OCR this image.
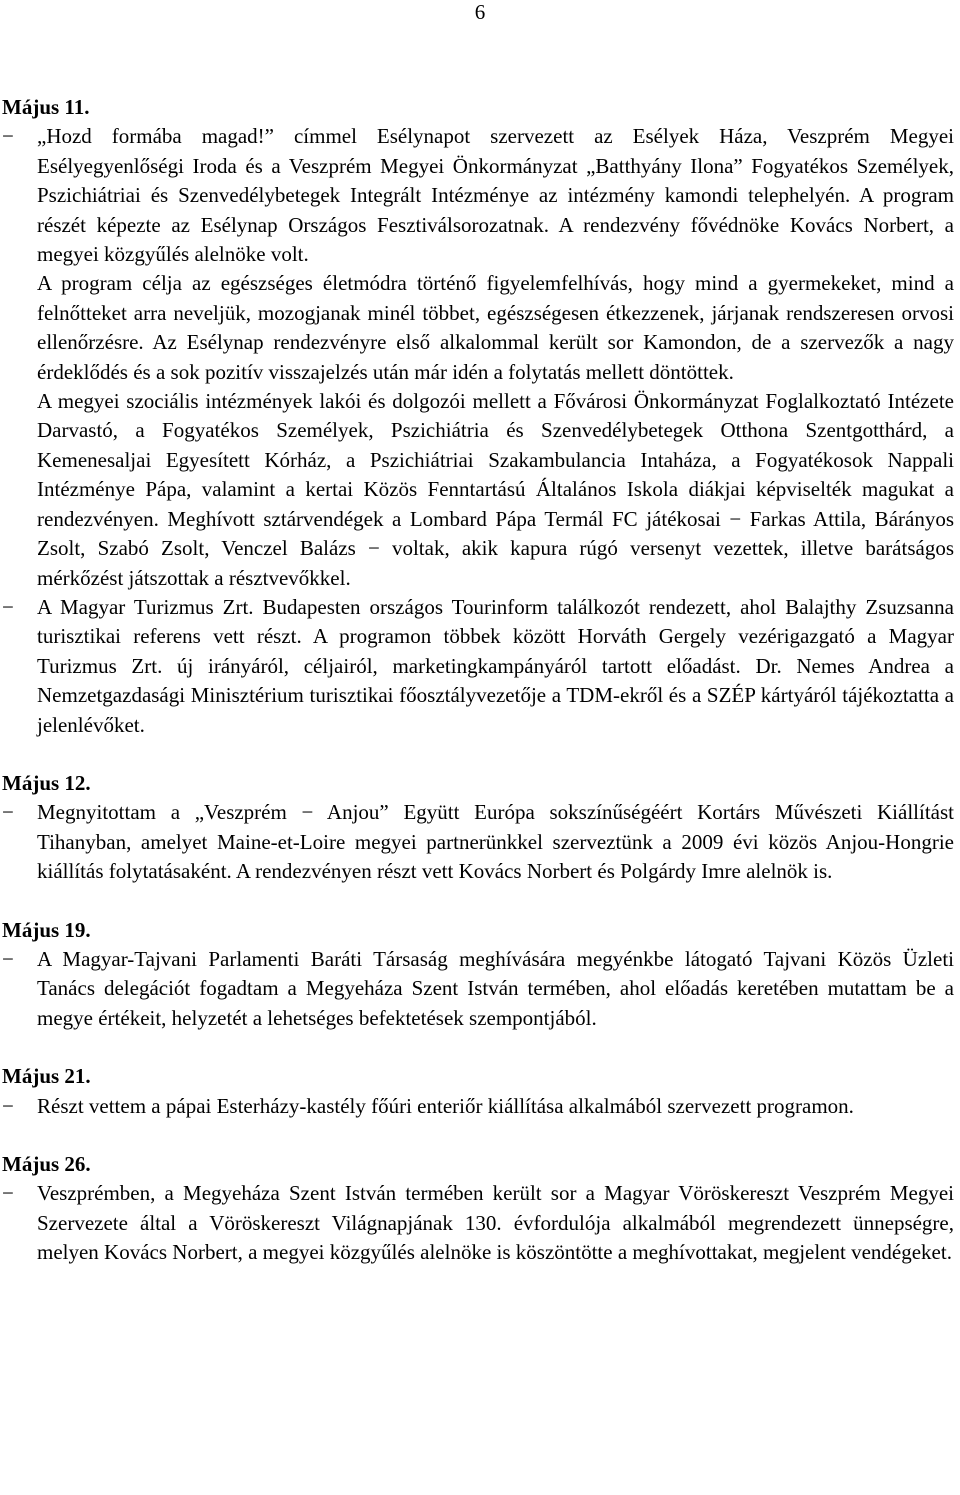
6
Május 11.
− „Hozd formába magad!” címmel Esélynapot szervezett az Esélyek Háza, Veszprém Megyei Esélyegyenlőségi Iroda és a Veszprém Megyei Önkormányzat „Batthyány Ilona” Fogyatékos Személyek, Pszichiátriai és Szenvedélybetegek Integrált Intézménye az intézmény kamondi telephelyén. A program részét képezte az Esélynap Országos Fesztiválsorozatnak. A rendezvény fővédnöke Kovács Norbert, a megyei közgyűlés alelnöke volt.

A program célja az egészséges életmódra történő figyelemfelhívás, hogy mind a gyermekeket, mind a felnőtteket arra neveljük, mozogjanak minél többet, egészségesen étkezzenek, járjanak rendszeresen orvosi ellenőrzésre. Az Esélynap rendezvényre első alkalommal került sor Kamondon, de a szervezők a nagy érdeklődés és a sok pozitív visszajelzés után már idén a folytatás mellett döntöttek.

A megyei szociális intézmények lakói és dolgozói mellett a Fővárosi Önkormányzat Foglalkoztató Intézete Darvastó, a Fogyatékos Személyek, Pszichiátria és Szenvedélybetegek Otthona Szentgotthárd, a Kemenesaljai Egyesített Kórház, a Pszichiátriai Szakambulancia Intaháza, a Fogyatékosok Nappali Intézménye Pápa, valamint a kertai Közös Fenntartású Általános Iskola diákjai képviselték magukat a rendezvényen. Meghívott sztárvendégek a Lombard Pápa Termál FC játékosai − Farkas Attila, Bárányos Zsolt, Szabó Zsolt, Venczel Balázs − voltak, akik kapura rúgó versenyt vezettek, illetve barátságos mérkőzést játszottak a résztvevőkkel.

− A Magyar Turizmus Zrt. Budapesten országos Tourinform találkozót rendezett, ahol Balajthy Zsuzsanna turisztikai referens vett részt. A programon többek között Horváth Gergely vezérigazgató a Magyar Turizmus Zrt. új irányáról, céljairól, marketingkampányáról tartott előadást. Dr. Nemes Andrea a Nemzetgazdasági Minisztérium turisztikai főosztályvezetője a TDM-ekről és a SZÉP kártyáról tájékoztatta a jelenlévőket.

Május 12.
− Megnyitottam a „Veszprém − Anjou” Együtt Európa sokszínűségéért Kortárs Művészeti Kiállítást Tihanyban, amelyet Maine-et-Loire megyei partnerünkkel szerveztünk a 2009 évi közös Anjou-Hongrie kiállítás folytatásaként. A rendezvényen részt vett Kovács Norbert és Polgárdy Imre alelnök is.

Május 19.
− A Magyar-Tajvani Parlamenti Baráti Társaság meghívására megyénkbe látogató Tajvani Közös Üzleti Tanács delegációt fogadtam a Megyeháza Szent István termében, ahol előadás keretében mutattam be a megye értékeit, helyzetét a lehetséges befektetések szempontjából.

Május 21.
− Részt vettem a pápai Esterházy-kastély főúri enteriőr kiállítása alkalmából szervezett programon.

Május 26.
− Veszprémben, a Megyeháza Szent István termében került sor a Magyar Vöröskereszt Veszprém Megyei Szervezete által a Vöröskereszt Világnapjának 130. évfordulója alkalmából megrendezett ünnepségre, melyen Kovács Norbert, a megyei közgyűlés alelnöke is köszöntötte a meghívottakat, megjelent vendégeket.
